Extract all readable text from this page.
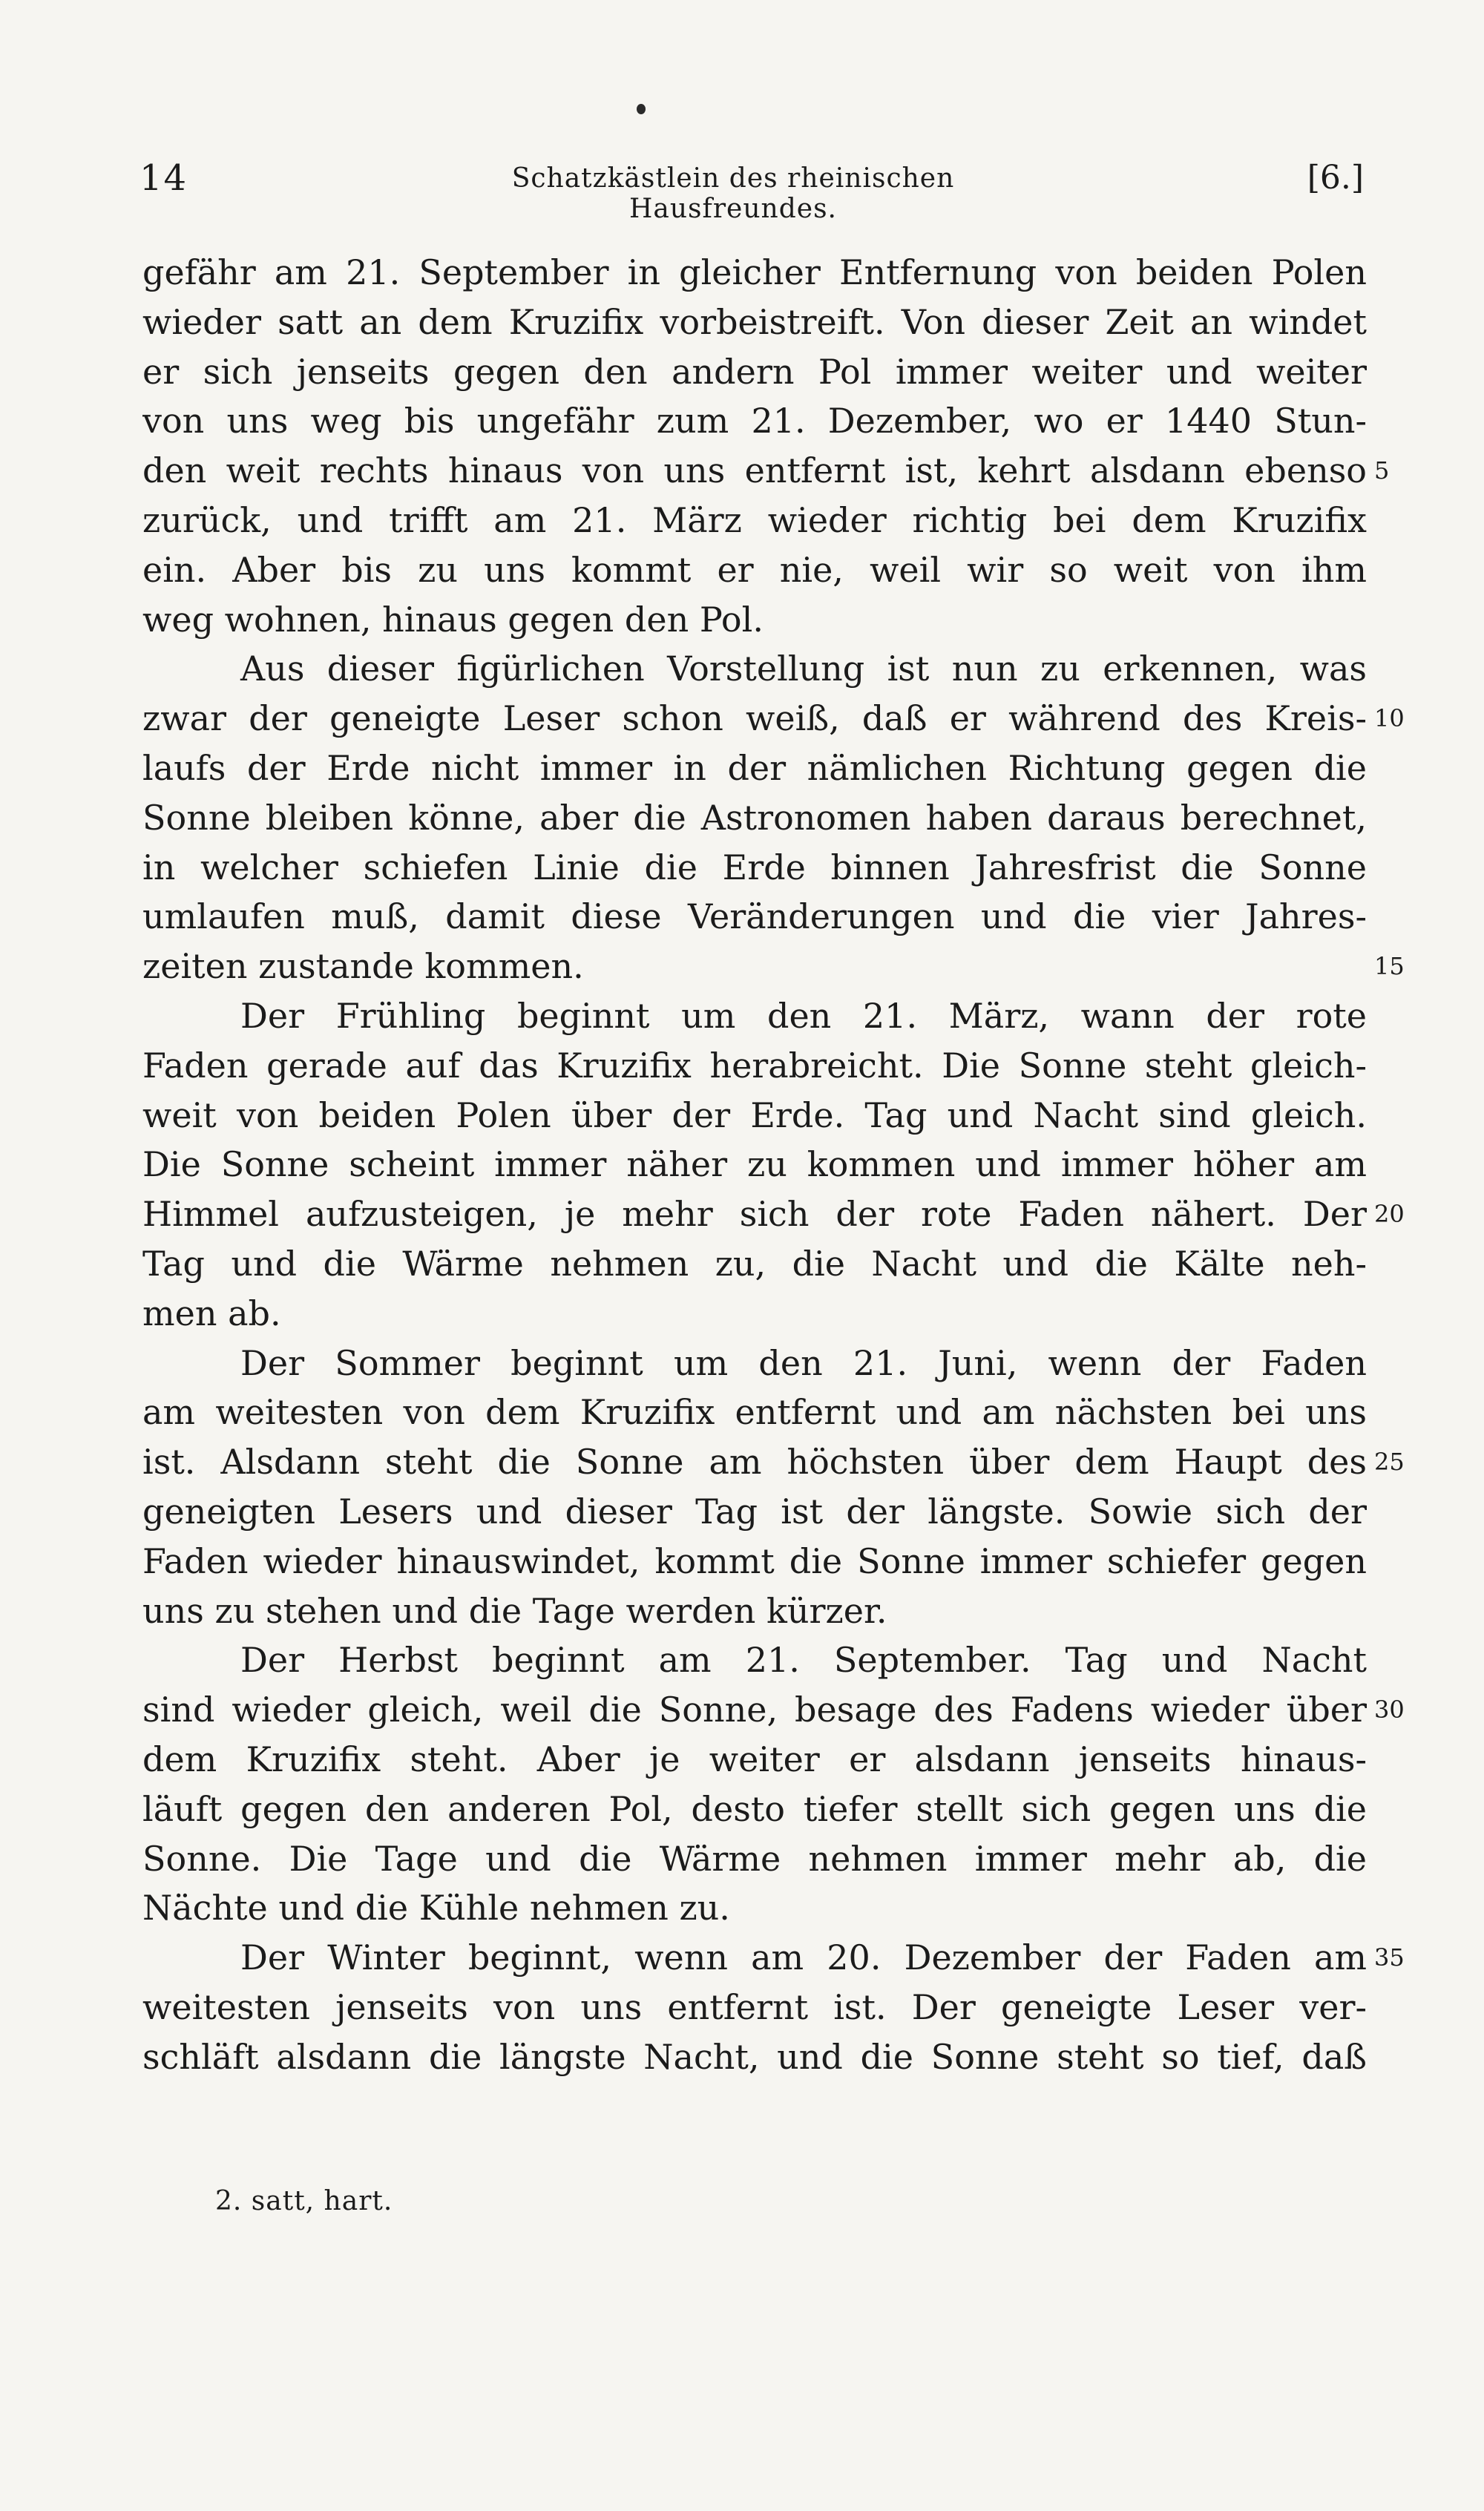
14	Schatzkästlein des rheinischen Hausfreundes.
[6.]
gefähr am 21. September in gleicher Entfernung von beiden Polen
wieder satt an dem Kruzifix vorbeistreift. Von dieser Zeit an windet
er sich jenseits gegen den andern Pol immer weiter und weiter
von uns weg bis ungefähr zum 21. Dezember, wo er 1440 Stun-
den weit rechts hinaus von uns entfernt ist, kehrt alsdann ebenso
zurück, und trifft am 21. März wieder richtig bei dem Kruzifix
ein. Aber bis zu uns kommt er nie, weil wir so weit von ihm
weg wohnen, hinaus gegen den Pol.
Aus dieser figürlichen Vorstellung ist nun zu erkennen, was
zwar der geneigte Leser schon weiß, daß er während des Kreis-
laufs der Erde nicht immer in der nämlichen Richtung gegen die
Sonne bleiben könne, aber die Astronomen haben daraus berechnet,
in welcher schiefen Linie die Erde binnen Jahresfrist die Sonne
umlaufen muß, damit diese Veränderungen und die vier Jahres-
zeiten zustande kommen.
Der Frühling beginnt um den 21. März, wann der rote
Faden gerade auf das Kruzifix herabreicht. Die Sonne steht gleich-
weit von beiden Polen über der Erde. Tag und Nacht sind gleich.
Die Sonne scheint immer näher zu kommen und immer höher am
Himmel aufzusteigen, je mehr sich der rote Faden nähert. Der
Tag und die Wärme nehmen zu, die Nacht und die Kälte neh-
men ab.
Der Sommer beginnt um den 21. Juni, wenn der Faden
am weitesten von dem Kruzifix entfernt und am nächsten bei uns
ist. Alsdann steht die Sonne am höchsten über dem Haupt des
geneigten Lesers und dieser Tag ist der längste. Sowie sich der
Faden wieder hinauswindet, kommt die Sonne immer schiefer gegen
uns zu stehen und die Tage werden kürzer.
Der Herbst beginnt am 21. September. Tag und Nacht
sind wieder gleich, weil die Sonne, besage des Fadens wieder über
dem Kruzifix steht. Aber je weiter er alsdann jenseits hinaus-
läuft gegen den anderen Pol, desto tiefer stellt sich gegen uns die
Sonne. Die Tage und die Wärme nehmen immer mehr ab, die
Nächte und die Kühle nehmen zu.
Der Winter beginnt, wenn am 20. Dezember der Faden am
weitesten jenseits von uns entfernt ist. Der geneigte Leser ver-
schläft alsdann die längste Nacht, und die Sonne steht so tief, daß
5
10
15
20
25
30
35
2. satt, hart.
